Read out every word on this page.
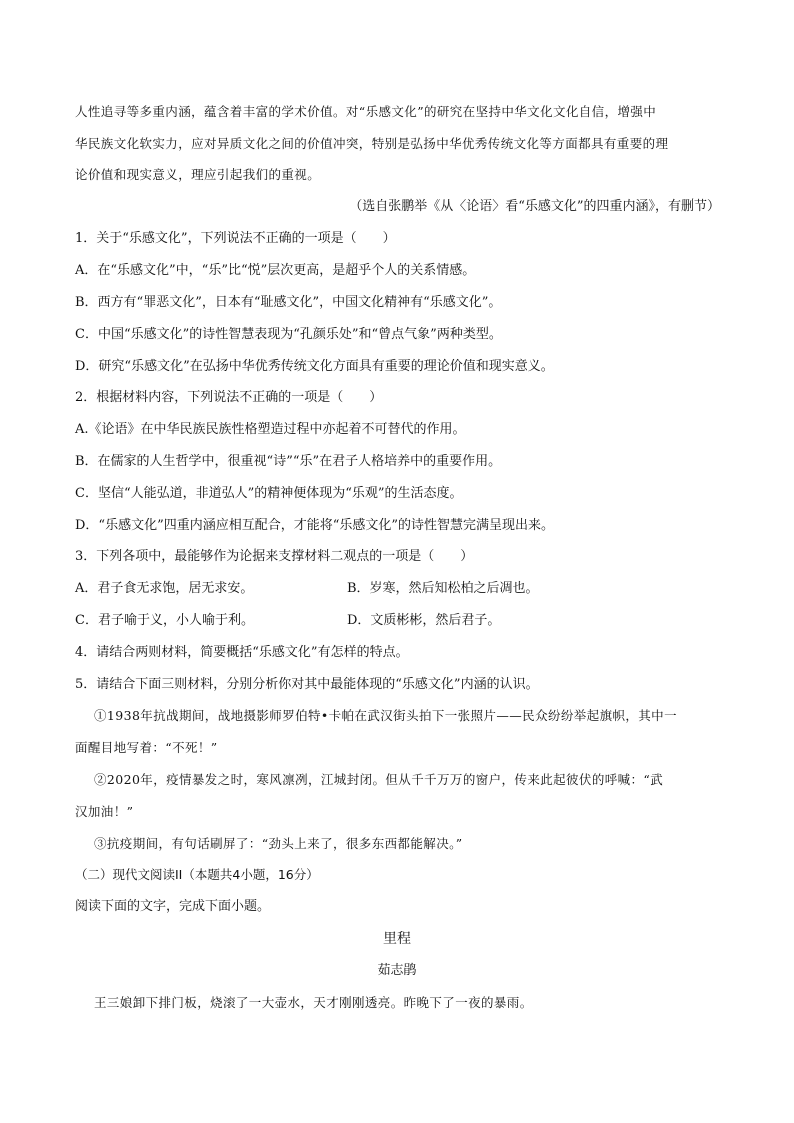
人性追寻等多重内涵，蕴含着丰富的学术价值。对“乐感文化”的研究在坚持中华文化文化自信，增强中
华民族文化软实力，应对异质文化之间的价值冲突，特别是弘扬中华优秀传统文化等方面都具有重要的理
论价值和现实意义，理应引起我们的重视。
（选自张鹏举《从〈论语〉看“乐感文化”的四重内涵》，有删节）
1．关于“乐感文化”，下列说法不正确的一项是（　　）
A．在“乐感文化”中，“乐”比“悦”层次更高，是超乎个人的关系情感。
B．西方有“罪恶文化”，日本有“耻感文化”，中国文化精神有“乐感文化”。
C．中国“乐感文化”的诗性智慧表现为“孔颜乐处”和“曾点气象”两种类型。
D．研究“乐感文化”在弘扬中华优秀传统文化方面具有重要的理论价值和现实意义。
2．根据材料内容，下列说法不正确的一项是（　　）
A.《论语》在中华民族民族性格塑造过程中亦起着不可替代的作用。
B．在儒家的人生哲学中，很重视“诗”“乐”在君子人格培养中的重要作用。
C．坚信“人能弘道，非道弘人”的精神便体现为“乐观”的生活态度。
D．“乐感文化”四重内涵应相互配合，才能将“乐感文化”的诗性智慧完满呈现出来。
3．下列各项中，最能够作为论据来支撑材料二观点的一项是（　　）
A．君子食无求饱，居无求安。	B．岁寒，然后知松柏之后凋也。
C．君子喻于义，小人喻于利。	D．文质彬彬，然后君子。
4．请结合两则材料，简要概括“乐感文化”有怎样的特点。
5．请结合下面三则材料，分别分析你对其中最能体现的“乐感文化”内涵的认识。
①1938年抗战期间，战地摄影师罗伯特•卡帕在武汉街头拍下一张照片——民众纷纷举起旗帜，其中一
面醒目地写着：“不死！”
②2020年，疫情暴发之时，寒风凛冽，江城封闭。但从千千万万的窗户，传来此起彼伏的呼喊：“武
汉加油！”
③抗疫期间，有句话刷屏了：“劲头上来了，很多东西都能解决。”
（二）现代文阅读II（本题共4小题，16分）
阅读下面的文字，完成下面小题。
里程
茹志鹃
王三娘卸下排门板，烧滚了一大壶水，天才刚刚透亮。昨晚下了一夜的暴雨。
